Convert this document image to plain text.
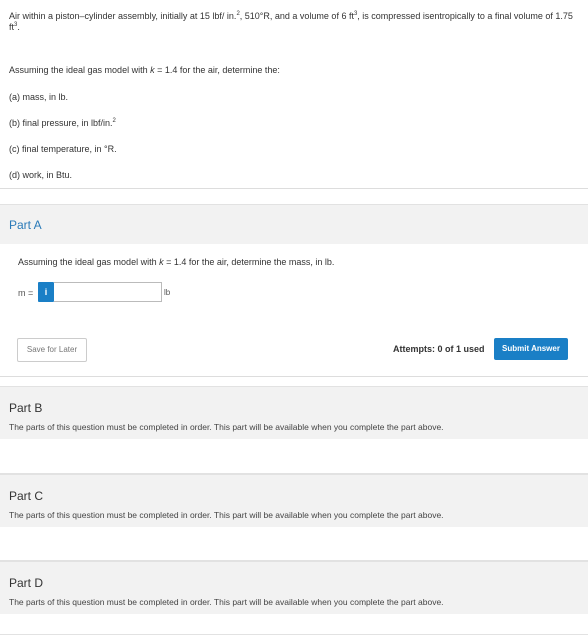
Air within a piston–cylinder assembly, initially at 15 lbf/ in.$^2$, 510°R, and a volume of 6 $ft^3$, is compressed isentropically to a final volume of 1.75 $ft^3$.

Assuming the ideal gas model with k = 1.4 for the air, determine the:

(a) mass, in lb.

(b) final pressure, in lbf/in.$^2$

(c) final temperature, in °R.

(d) work, in Btu.

Part A
Assuming the ideal gas model with k = 1.4 for the air, determine the mass, in lb.
m =	i	lb
Save for Later	Attempts: 0 of 1 used	Submit Answer
Part B
The parts of this question must be completed in order. This part will be available when you complete the part above.
Part C
The parts of this question must be completed in order. This part will be available when you complete the part above.
Part D
The parts of this question must be completed in order. This part will be available when you complete the part above.
